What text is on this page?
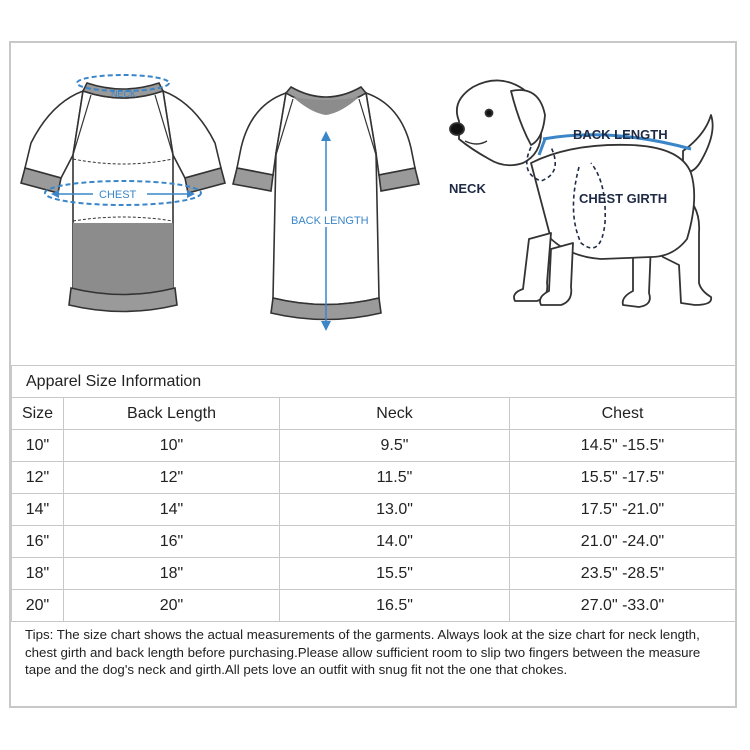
NECK
CHEST
BACK LENGTH
BACK LENGTH
NECK
CHEST GIRTH
Apparel Size Information			
Size	Back Length	Neck	Chest
10"	10"	9.5"	14.5" -15.5"
12"	12"	11.5"	15.5" -17.5"
14"	14"	13.0"	17.5" -21.0"
16"	16"	14.0"	21.0" -24.0"
18"	18"	15.5"	23.5" -28.5"
20"	20"	16.5"	27.0" -33.0"
Tips: The size chart shows the actual measurements of the garments. Always look at the size chart for neck length, chest girth and back length before purchasing.Please allow sufficient room to slip two fingers between the measure tape and the dog's neck and girth.All pets love an outfit with snug fit not the one that chokes.
